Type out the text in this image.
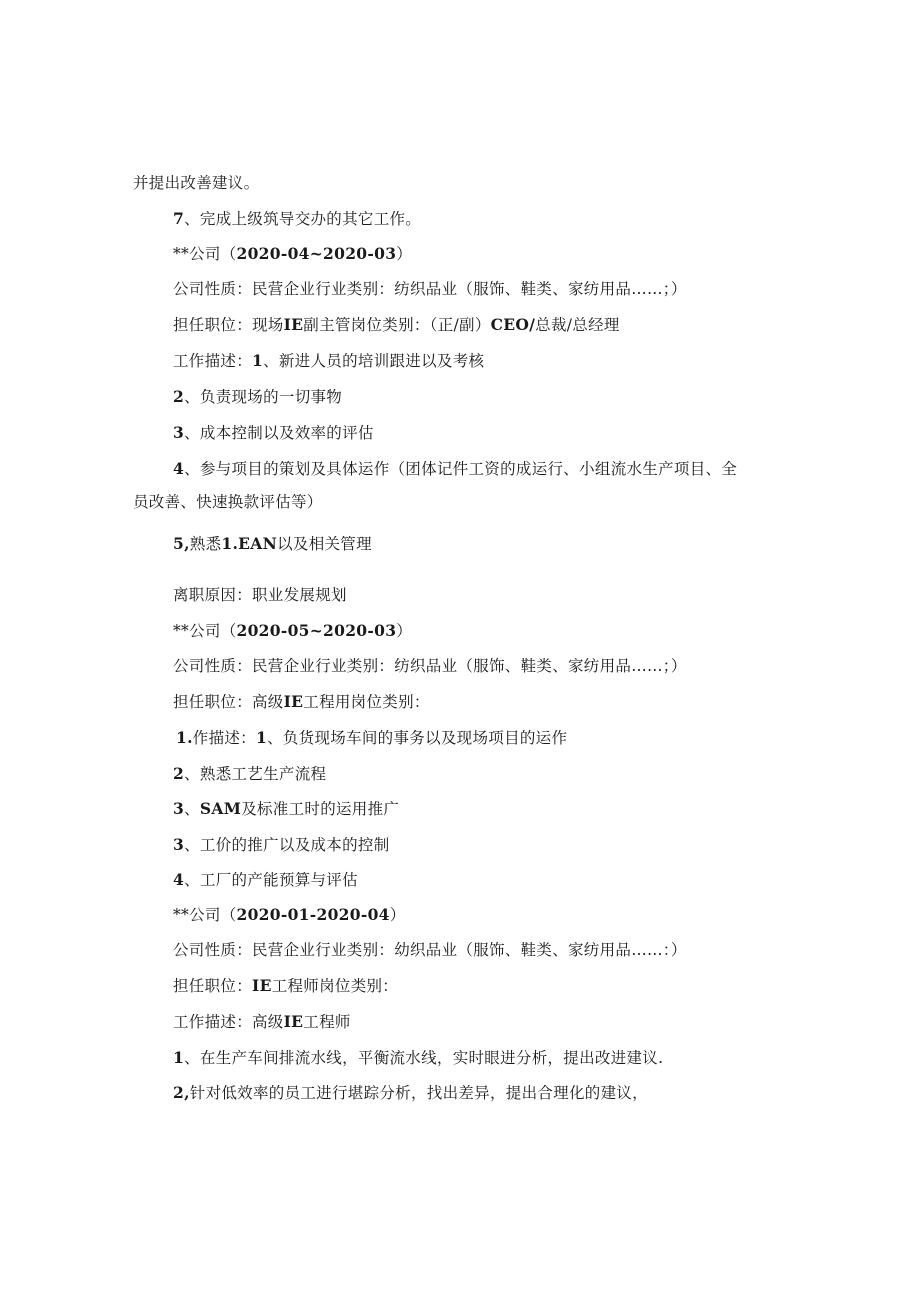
并提出改善建议。
7、完成上级筑导交办的其它工作。
**公司（2020-04~2020-03）
公司性质：民营企业行业类别：纺织品业（服饰、鞋类、家纺用品……；）
担任职位：现场IE副主管岗位类别：（正/副）CEO/总裁/总经理
工作描述：1、新进人员的培训跟进以及考核
2、负责现场的一切事物
3、成本控制以及效率的评估
4、参与项目的策划及具体运作（团体记件工资的成运行、小组流水生产项目、全
员改善、快速换款评估等）
5,熟悉1.EAN以及相关管理
离职原因：职业发展规划
**公司（2020-05~2020-03）
公司性质：民营企业行业类别：纺织品业（服饰、鞋类、家纺用品……；）
担任职位：高级IE工程用岗位类别：
1.作描述：1、负货现场车间的事务以及现场项目的运作
2、熟悉工艺生产流程
3、SAM及标准工时的运用推广
3、工价的推广以及成本的控制
4、工厂的产能预算与评估
**公司（2020-01-2020-04）
公司性质：民营企业行业类别：幼织品业（服饰、鞋类、家纺用品……：）
担任职位：IE工程师岗位类别：
工作描述：高级IE工程师
1、在生产车间排流水线，平衡流水线，实时眼进分析，提出改进建议.
2,针对低效率的员工进行堪踪分析，找出差异，提出合理化的建议，
